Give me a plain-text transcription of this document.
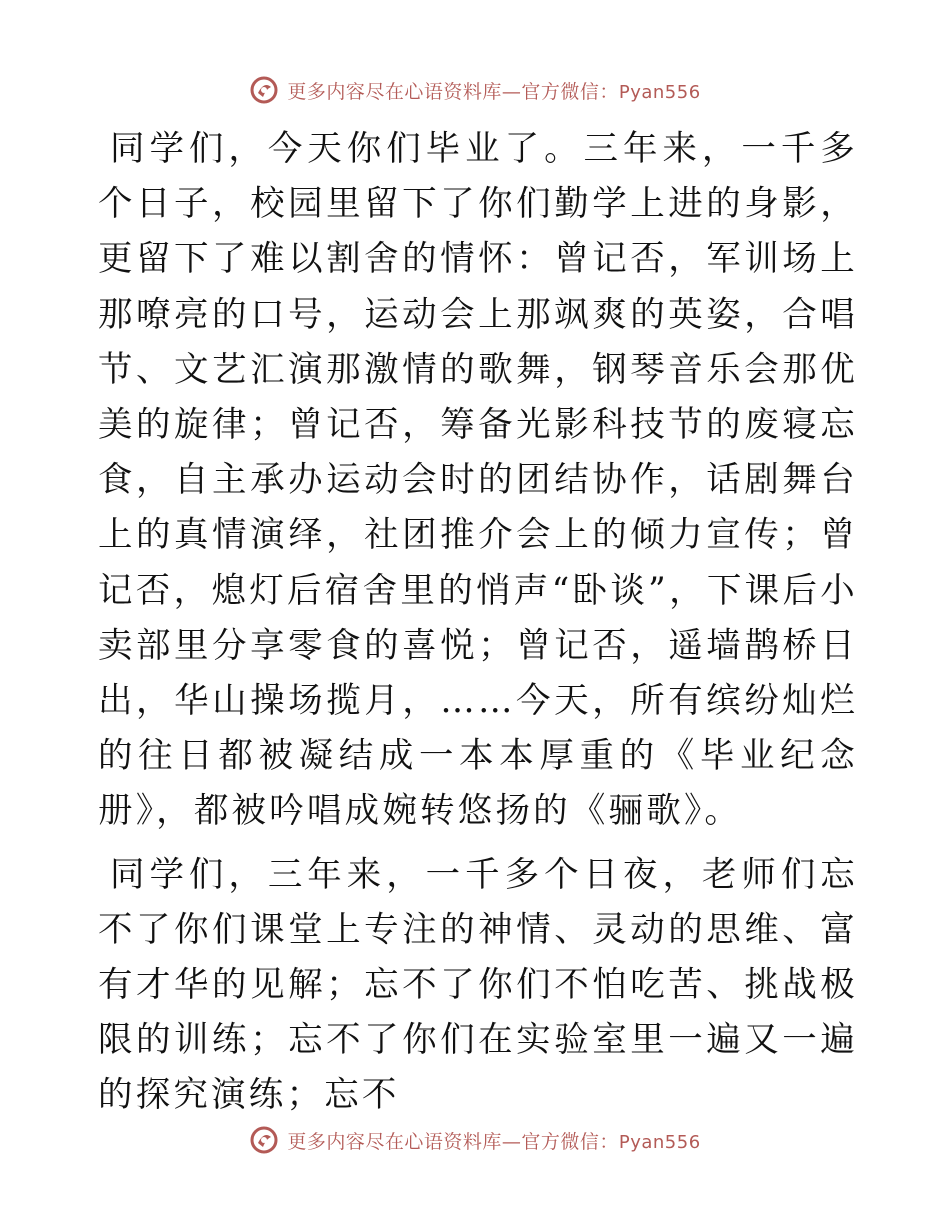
更多内容尽在心语资料库—官方微信：Pyan556

同学们，今天你们毕业了。三年来，一千多个日子，校园里留下了你们勤学上进的身影，更留下了难以割舍的情怀：曾记否，军训场上那嘹亮的口号，运动会上那飒爽的英姿，合唱节、文艺汇演那激情的歌舞，钢琴音乐会那优美的旋律；曾记否，筹备光影科技节的废寝忘食，自主承办运动会时的团结协作，话剧舞台上的真情演绎，社团推介会上的倾力宣传；曾记否，熄灯后宿舍里的悄声“卧谈”，下课后小卖部里分享零食的喜悦；曾记否，遥墙鹊桥日出，华山操场揽月，……今天，所有缤纷灿烂的往日都被凝结成一本本厚重的《毕业纪念册》，都被吟唱成婉转悠扬的《骊歌》。

同学们，三年来，一千多个日夜，老师们忘不了你们课堂上专注的神情、灵动的思维、富有才华的见解；忘不了你们不怕吃苦、挑战极限的训练；忘不了你们在实验室里一遍又一遍的探究演练；忘不

更多内容尽在心语资料库—官方微信：Pyan556
